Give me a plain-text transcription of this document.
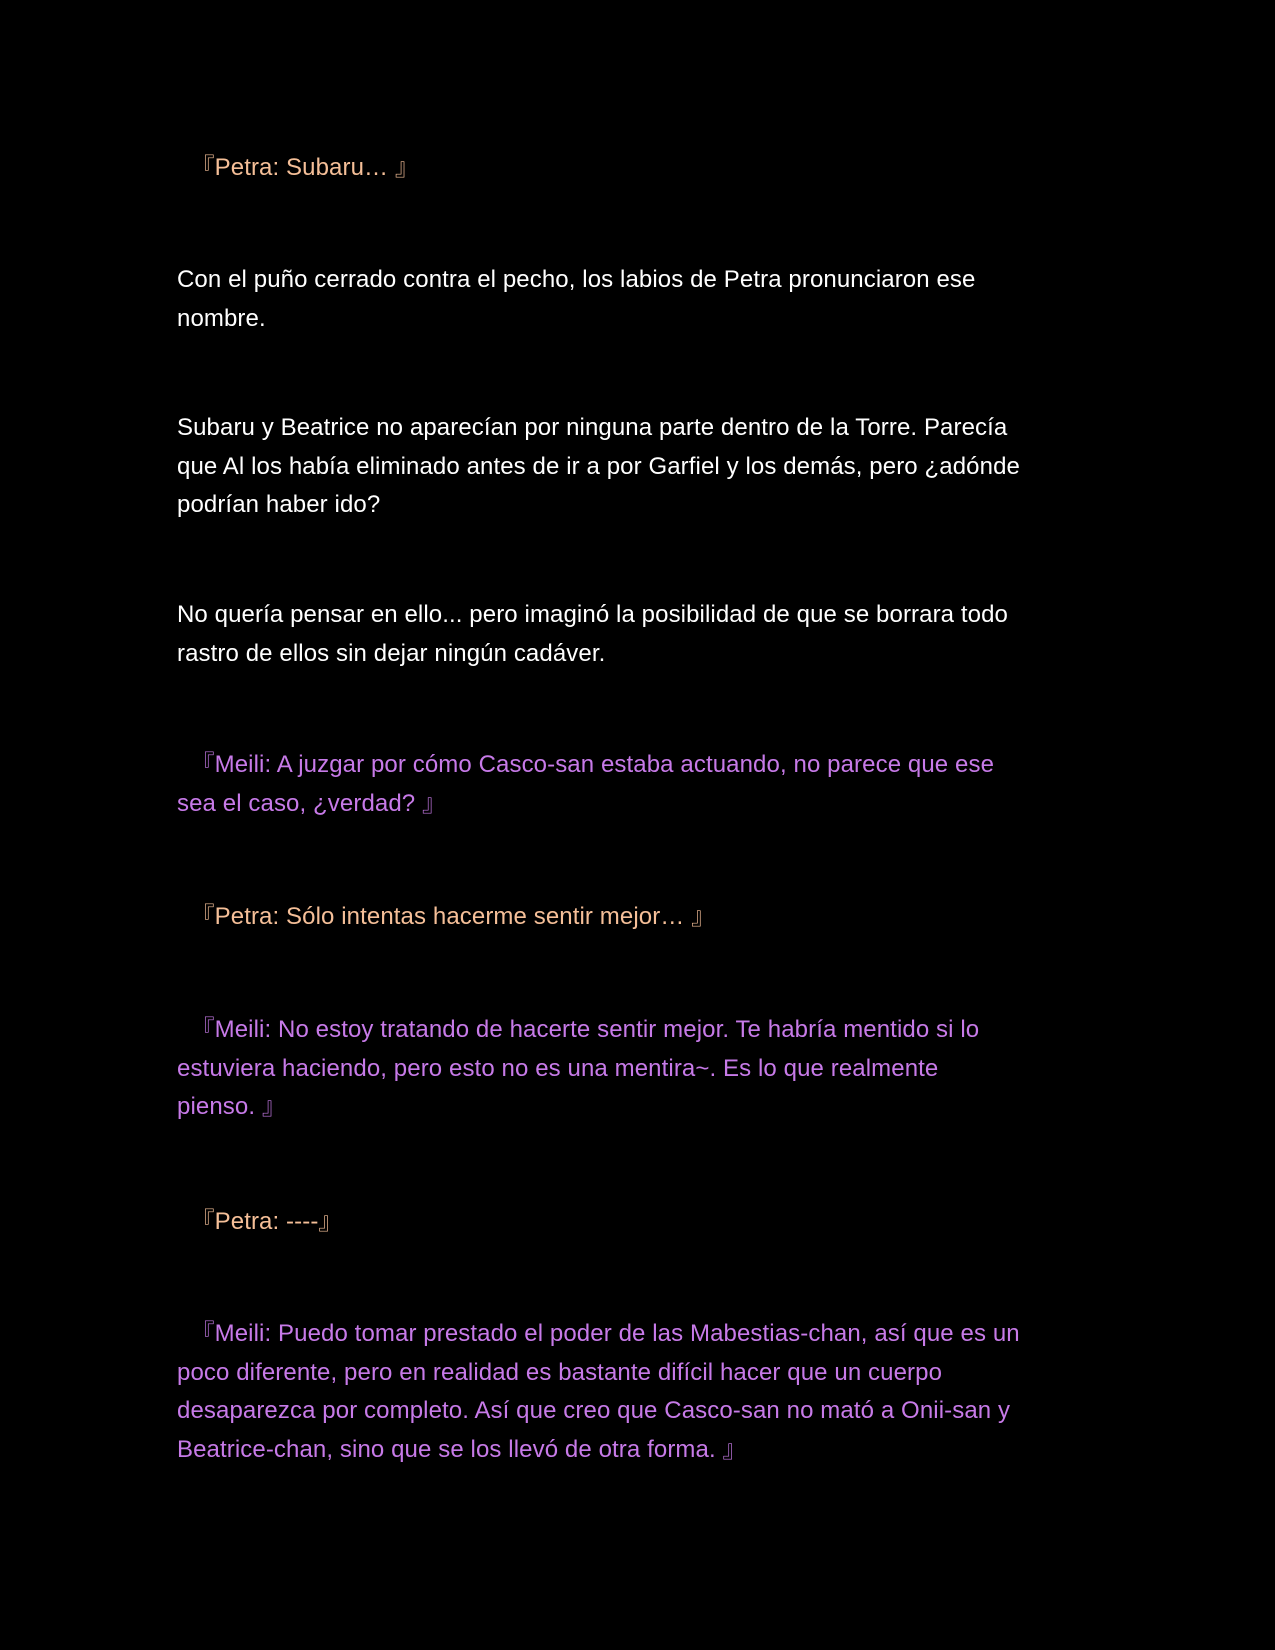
『Petra: Subaru… 』

Con el puño cerrado contra el pecho, los labios de Petra pronunciaron ese
nombre.

Subaru y Beatrice no aparecían por ninguna parte dentro de la Torre. Parecía
que Al los había eliminado antes de ir a por Garfiel y los demás, pero ¿adónde
podrían haber ido?

No quería pensar en ello... pero imaginó la posibilidad de que se borrara todo
rastro de ellos sin dejar ningún cadáver.

『Meili: A juzgar por cómo Casco-san estaba actuando, no parece que ese
sea el caso, ¿verdad? 』

『Petra: Sólo intentas hacerme sentir mejor… 』

『Meili: No estoy tratando de hacerte sentir mejor. Te habría mentido si lo
estuviera haciendo, pero esto no es una mentira~. Es lo que realmente
pienso. 』

『Petra: ----』

『Meili: Puedo tomar prestado el poder de las Mabestias-chan, así que es un
poco diferente, pero en realidad es bastante difícil hacer que un cuerpo
desaparezca por completo. Así que creo que Casco-san no mató a Onii-san y
Beatrice-chan, sino que se los llevó de otra forma. 』
